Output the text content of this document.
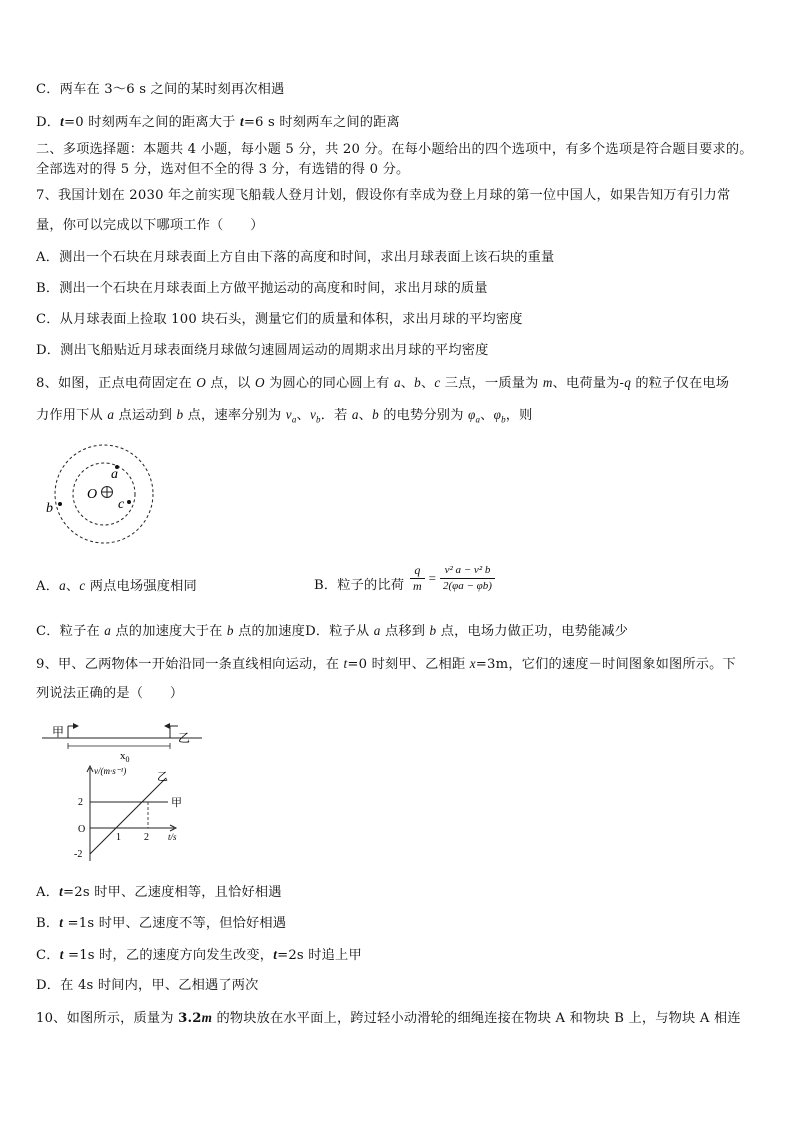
C．两车在 3～6 s 之间的某时刻再次相遇
D．t=0 时刻两车之间的距离大于 t=6 s 时刻两车之间的距离
二、多项选择题：本题共 4 小题，每小题 5 分，共 20 分。在每小题给出的四个选项中，有多个选项是符合题目要求的。
全部选对的得 5 分，选对但不全的得 3 分，有选错的得 0 分。
7、我国计划在 2030 年之前实现飞船载人登月计划，假设你有幸成为登上月球的第一位中国人，如果告知万有引力常
量，你可以完成以下哪项工作（　　）
A．测出一个石块在月球表面上方自由下落的高度和时间，求出月球表面上该石块的重量
B．测出一个石块在月球表面上方做平抛运动的高度和时间，求出月球的质量
C．从月球表面上捡取 100 块石头，测量它们的质量和体积，求出月球的平均密度
D．测出飞船贴近月球表面绕月球做匀速圆周运动的周期求出月球的平均密度
8、如图，正点电荷固定在 O 点，以 O 为圆心的同心圆上有 a、b、c 三点，一质量为 m、电荷量为-q 的粒子仅在电场
力作用下从 a 点运动到 b 点，速率分别为 $v_a$、$v_b$．若 a、b 的电势分别为 $\varphi_a$、$\varphi_b$，则
O
a
b	c
A．a、c 两点电场强度相同	B．粒子的比荷 $\frac{q}{m} = \frac{\text{v² a − v² b}}{2(\varphi a - \varphi b)}$
C．粒子在 a 点的加速度大于在 b 点的加速度D．粒子从 a 点移到 b 点，电场力做正功，电势能减少
9、甲、乙两物体一开始沿同一条直线相向运动，在 t=0 时刻甲、乙相距 x=3m，它们的速度－时间图象如图所示。下
列说法正确的是（　　）
甲	乙
$x_0$
v/(m·s⁻¹)
t/s
2
O
-2
1 2
甲
乙
A．t=2s 时甲、乙速度相等，且恰好相遇
B．t =1s 时甲、乙速度不等，但恰好相遇
C．t =1s 时，乙的速度方向发生改变，t=2s 时追上甲
D．在 4s 时间内，甲、乙相遇了两次
10、如图所示，质量为 3.2m 的物块放在水平面上，跨过轻小动滑轮的细绳连接在物块 A 和物块 B 上，与物块 A 相连
